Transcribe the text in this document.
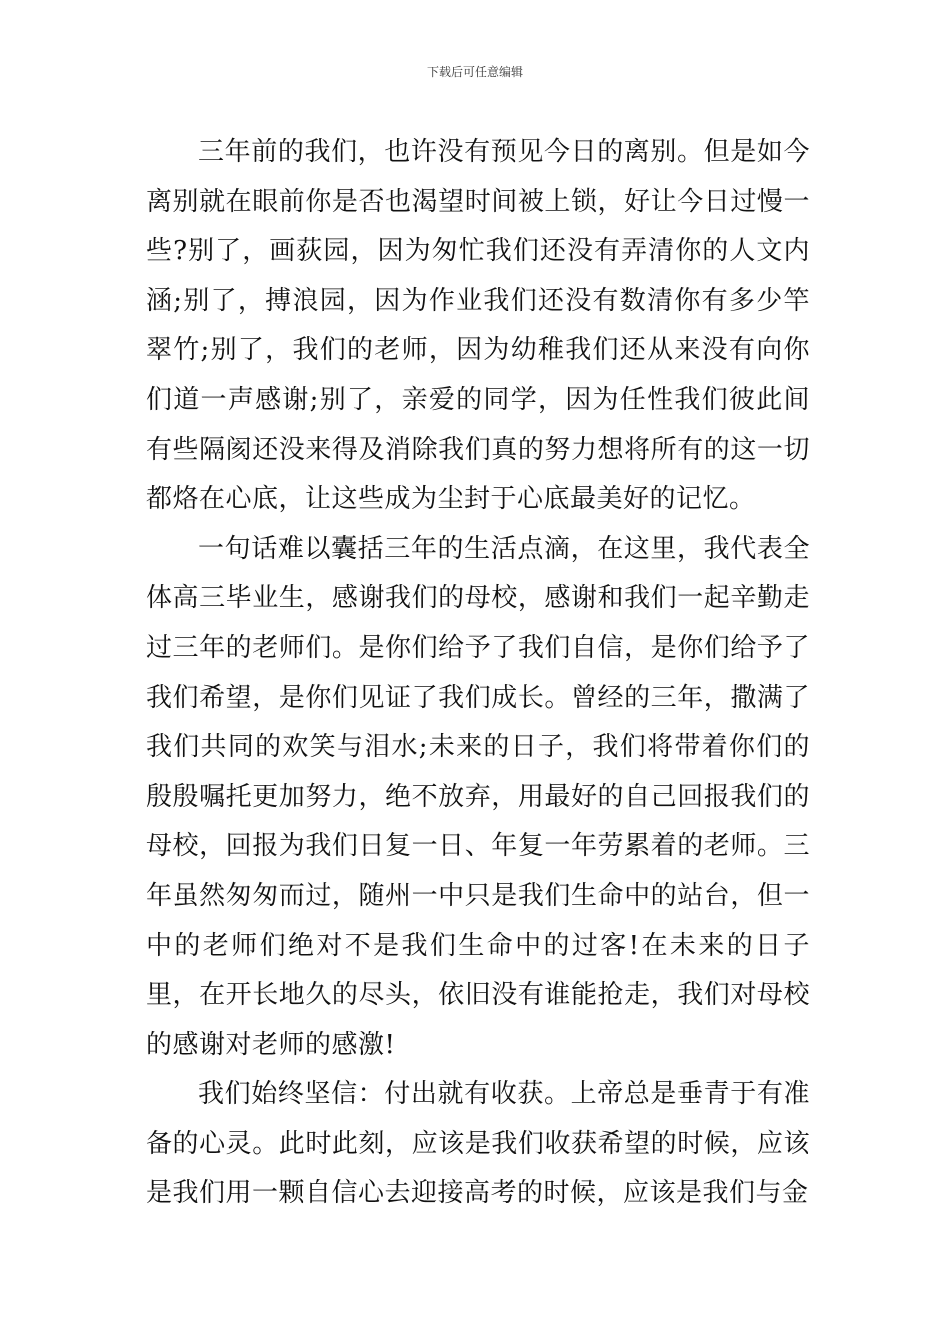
下载后可任意编辑

三年前的我们，也许没有预见今日的离别。但是如今离别就在眼前你是否也渴望时间被上锁，好让今日过慢一些?别了，画荻园，因为匆忙我们还没有弄清你的人文内涵;别了，搏浪园，因为作业我们还没有数清你有多少竿翠竹;别了，我们的老师，因为幼稚我们还从来没有向你们道一声感谢;别了，亲爱的同学，因为任性我们彼此间有些隔阂还没来得及消除我们真的努力想将所有的这一切都烙在心底，让这些成为尘封于心底最美好的记忆。

一句话难以囊括三年的生活点滴，在这里，我代表全体高三毕业生，感谢我们的母校，感谢和我们一起辛勤走过三年的老师们。是你们给予了我们自信，是你们给予了我们希望，是你们见证了我们成长。曾经的三年，撒满了我们共同的欢笑与泪水;未来的日子，我们将带着你们的殷殷嘱托更加努力，绝不放弃，用最好的自己回报我们的母校，回报为我们日复一日、年复一年劳累着的老师。三年虽然匆匆而过，随州一中只是我们生命中的站台，但一中的老师们绝对不是我们生命中的过客!在未来的日子里，在开长地久的尽头，依旧没有谁能抢走，我们对母校的感谢对老师的感激!

我们始终坚信：付出就有收获。上帝总是垂青于有准备的心灵。此时此刻，应该是我们收获希望的时候，应该是我们用一颗自信心去迎接高考的时候，应该是我们与金
